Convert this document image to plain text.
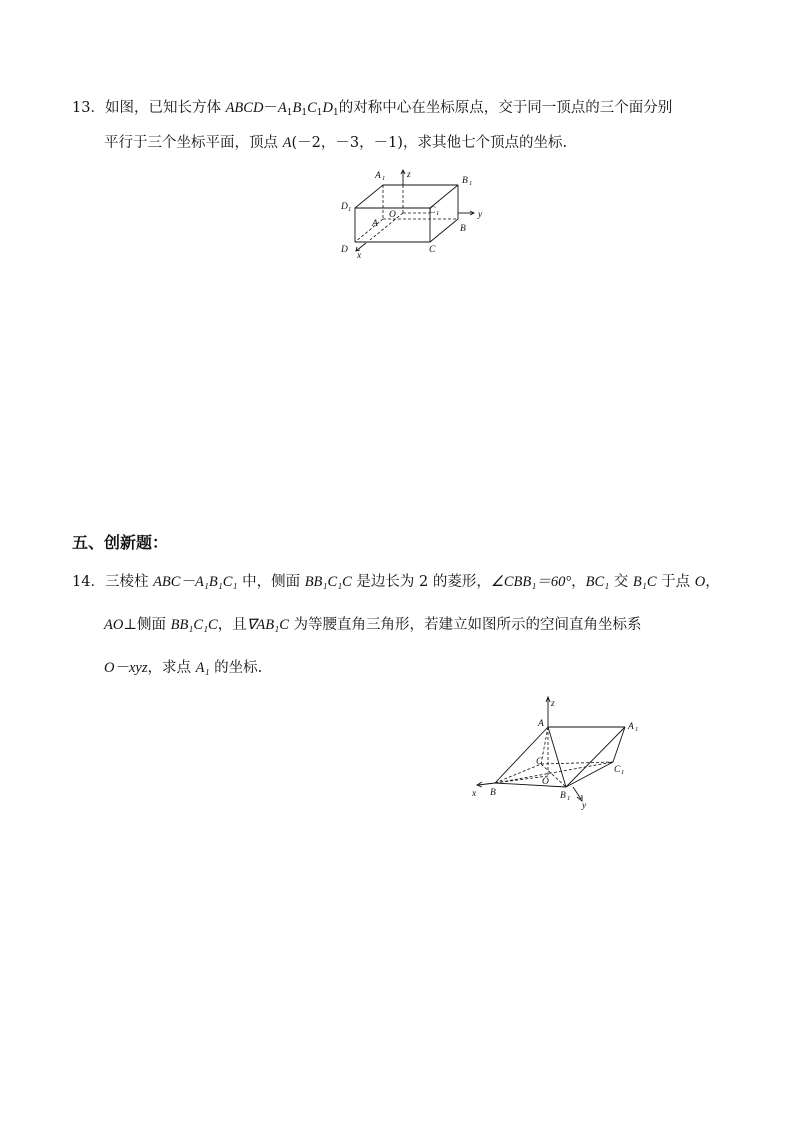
13．如图，已知长方体 $ABCD-A_1B_1C_1D_1$的对称中心在坐标原点，交于同一顶点的三个面分别
平行于三个坐标平面，顶点 A(－2，－3，－1)，求其他七个顶点的坐标.
A 1 z
B 1
D 1
O	C 1	y
A	B
D	C
x
五、创新题：
14．三棱柱 ABC－A₁B₁C₁ 中，侧面 BB₁C₁C 是边长为 2 的菱形，∠CBB₁＝60°，BC₁ 交 B₁C 于点 O，
AO⊥侧面 BB₁C₁C，且∇AB₁C 为等腰直角三角形，若建立如图所示的空间直角坐标系
O－xyz，求点 A₁ 的坐标.
z
A	A 1
C
C 1
O
x B	B 1
y
